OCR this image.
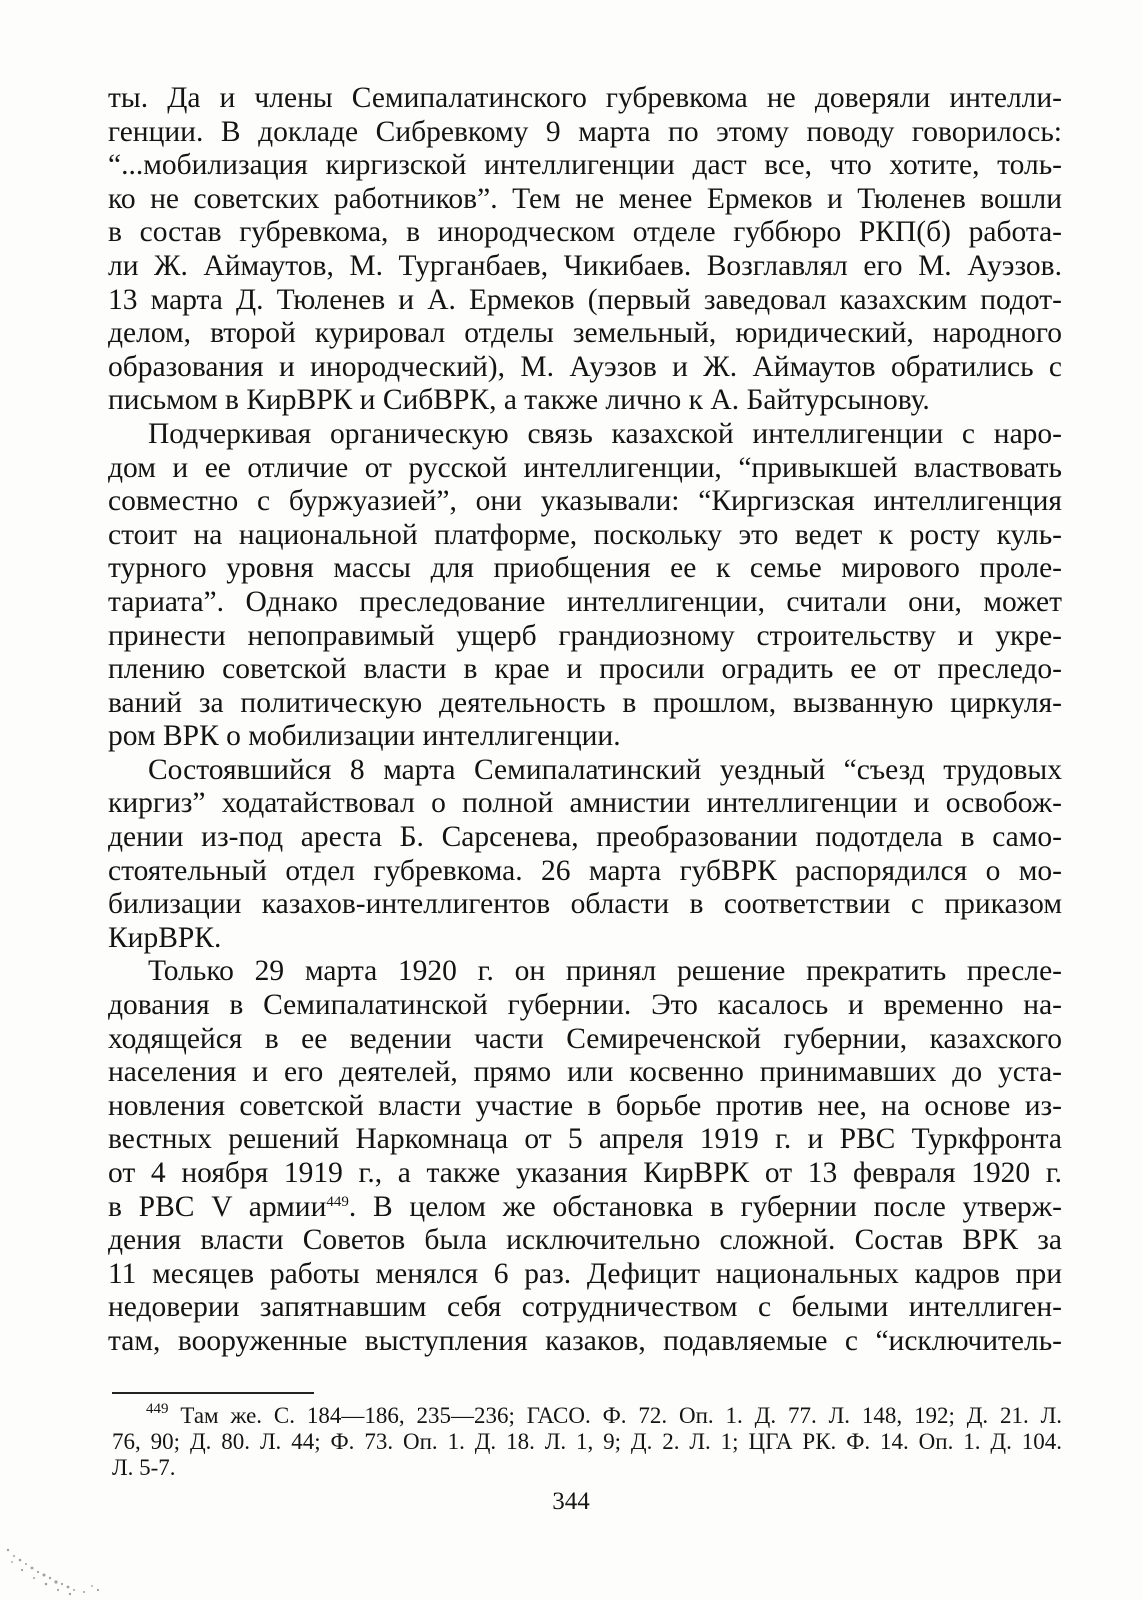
ты. Да и члены Семипалатинского губревкома не доверяли интелли-
генции. В докладе Сибревкому 9 марта по этому поводу говорилось:
“...мобилизация киргизской интеллигенции даст все, что хотите, толь-
ко не советских работников”. Тем не менее Ермеков и Тюленев вошли
в состав губревкома, в инородческом отделе губбюро РКП(б) работа-
ли Ж. Аймаутов, М. Турганбаев, Чикибаев. Возглавлял его М. Ауэзов.
13 марта Д. Тюленев и А. Ермеков (первый заведовал казахским подот-
делом, второй курировал отделы земельный, юридический, народного
образования и инородческий), М. Ауэзов и Ж. Аймаутов обратились с
письмом в КирВРК и СибВРК, а также лично к А. Байтурсынову.
Подчеркивая органическую связь казахской интеллигенции с наро-
дом и ее отличие от русской интеллигенции, “привыкшей властвовать
совместно с буржуазией”, они указывали: “Киргизская интеллигенция
стоит на национальной платформе, поскольку это ведет к росту куль-
турного уровня массы для приобщения ее к семье мирового проле-
тариата”. Однако преследование интеллигенции, считали они, может
принести непоправимый ущерб грандиозному строительству и укре-
плению советской власти в крае и просили оградить ее от преследо-
ваний за политическую деятельность в прошлом, вызванную циркуля-
ром ВРК о мобилизации интеллигенции.
Состоявшийся 8 марта Семипалатинский уездный “съезд трудовых
киргиз” ходатайствовал о полной амнистии интеллигенции и освобож-
дении из-под ареста Б. Сарсенева, преобразовании подотдела в само-
стоятельный отдел губревкома. 26 марта губВРК распорядился о мо-
билизации казахов-интеллигентов области в соответствии с приказом
КирВРК.
Только 29 марта 1920 г. он принял решение прекратить пресле-
дования в Семипалатинской губернии. Это касалось и временно на-
ходящейся в ее ведении части Семиреченской губернии, казахского
населения и его деятелей, прямо или косвенно принимавших до уста-
новления советской власти участие в борьбе против нее, на основе из-
вестных решений Наркомнаца от 5 апреля 1919 г. и РВС Туркфронта
от 4 ноября 1919 г., а также указания КирВРК от 13 февраля 1920 г.
в РВС V армии$^{449}$. В целом же обстановка в губернии после утверж-
дения власти Советов была исключительно сложной. Состав ВРК за
11 месяцев работы менялся 6 раз. Дефицит национальных кадров при
недоверии запятнавшим себя сотрудничеством с белыми интеллиген-
там, вооруженные выступления казаков, подавляемые с “исключитель-
$^{449}$ Там же. С. 184—186, 235—236; ГАСО. Ф. 72. Оп. 1. Д. 77. Л. 148, 192; Д. 21. Л.
76, 90; Д. 80. Л. 44; Ф. 73. Оп. 1. Д. 18. Л. 1, 9; Д. 2. Л. 1; ЦГА РК. Ф. 14. Оп. 1. Д. 104.
Л. 5-7.
344
